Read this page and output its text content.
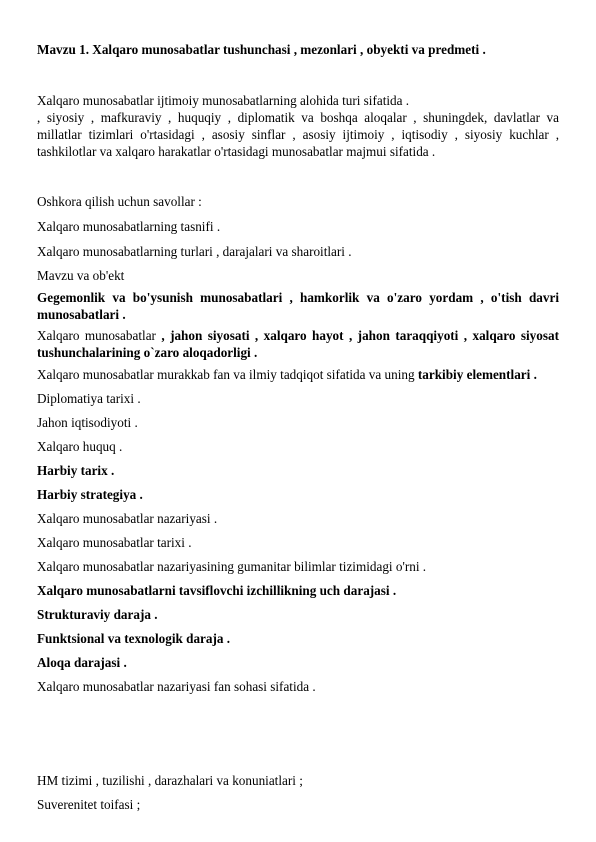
Mavzu 1. Xalqaro munosabatlar tushunchasi , mezonlari , obyekti va predmeti .

Xalqaro munosabatlar ijtimoiy munosabatlarning alohida turi sifatida .

, siyosiy , mafkuraviy , huquqiy , diplomatik va boshqa aloqalar , shuningdek, davlatlar va millatlar tizimlari o'rtasidagi , asosiy sinflar , asosiy ijtimoiy , iqtisodiy , siyosiy kuchlar , tashkilotlar va xalqaro harakatlar o'rtasidagi munosabatlar majmui sifatida .

Oshkora qilish uchun savollar :

Xalqaro munosabatlarning tasnifi .

Xalqaro munosabatlarning turlari , darajalari va sharoitlari .

Mavzu va ob'ekt

Gegemonlik va bo'ysunish munosabatlari , hamkorlik va o'zaro yordam , o'tish davri munosabatlari .

Xalqaro munosabatlar , jahon siyosati , xalqaro hayot , jahon taraqqiyoti , xalqaro siyosat tushunchalarining o`zaro aloqadorligi .

Xalqaro munosabatlar murakkab fan va ilmiy tadqiqot sifatida va uning tarkibiy elementlari .

Diplomatiya tarixi .

Jahon iqtisodiyoti .

Xalqaro huquq .

Harbiy tarix .

Harbiy strategiya .

Xalqaro munosabatlar nazariyasi .

Xalqaro munosabatlar tarixi .

Xalqaro munosabatlar nazariyasining gumanitar bilimlar tizimidagi o'rni .

Xalqaro munosabatlarni tavsiflovchi izchillikning uch darajasi .

Strukturaviy daraja .

Funktsional va texnologik daraja .

Aloqa darajasi .

Xalqaro munosabatlar nazariyasi fan sohasi sifatida .

HM tizimi , tuzilishi , darazhalari va konuniatlari ;

Suverenitet toifasi ;
